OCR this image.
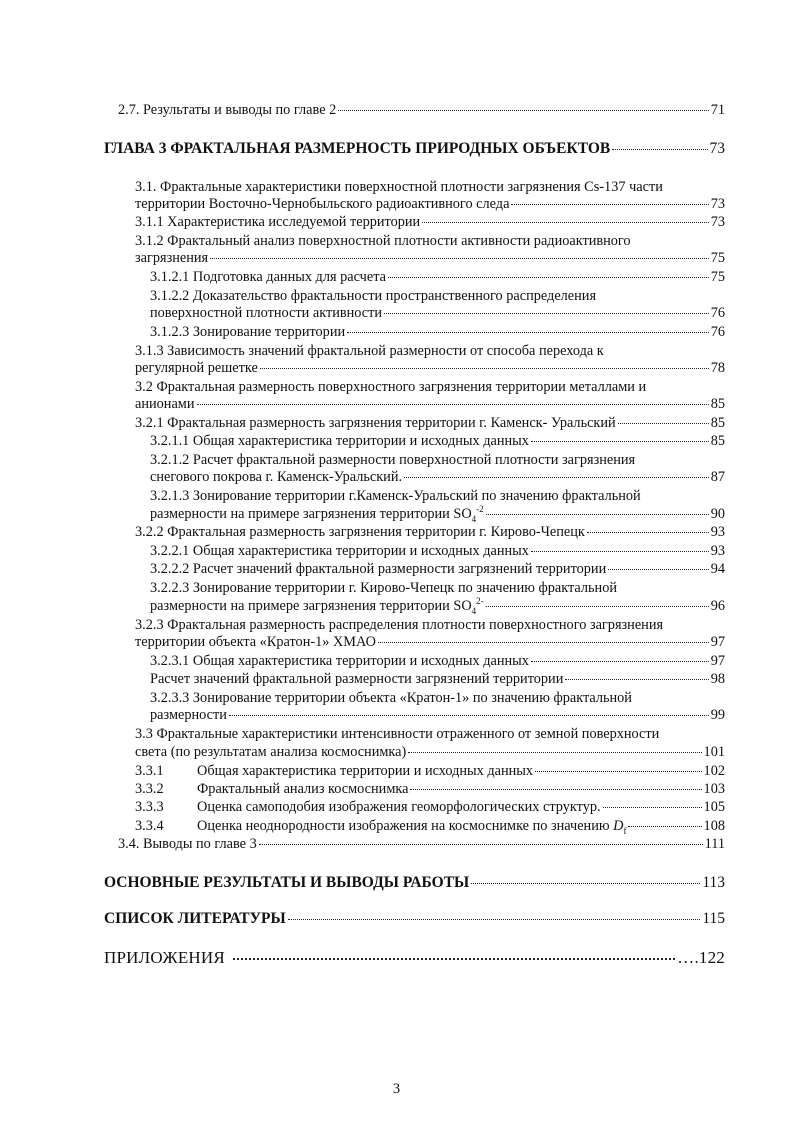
2.7. Результаты и выводы по главе 2	71
ГЛАВА 3 ФРАКТАЛЬНАЯ РАЗМЕРНОСТЬ ПРИРОДНЫХ ОБЪЕКТОВ	73
3.1. Фрактальные характеристики поверхностной плотности загрязнения Cs-137 части
территории Восточно-Чернобыльского радиоактивного следа	73
3.1.1 Характеристика исследуемой территории	73
3.1.2 Фрактальный анализ поверхностной плотности активности радиоактивного
загрязнения	75
3.1.2.1 Подготовка данных для расчета	75
3.1.2.2 Доказательство фрактальности пространственного распределения
поверхностной плотности активности	76
3.1.2.3 Зонирование территории	76
3.1.3 Зависимость значений фрактальной размерности от способа перехода к
регулярной решетке	78
3.2 Фрактальная размерность поверхностного загрязнения территории металлами и
анионами	85
3.2.1 Фрактальная размерность загрязнения территории г. Каменск- Уральский	85
3.2.1.1 Общая характеристика территории и исходных данных	85
3.2.1.2 Расчет фрактальной размерности поверхностной плотности загрязнения
снегового покрова г. Каменск-Уральский.	87
3.2.1.3 Зонирование территории г.Каменск-Уральский по значению фрактальной
размерности на примере загрязнения территории $SO_4^{-2}$	90
3.2.2 Фрактальная размерность загрязнения территории г. Кирово-Чепецк	93
3.2.2.1 Общая характеристика территории и исходных данных	93
3.2.2.2 Расчет значений фрактальной размерности загрязнений территории	94
3.2.2.3 Зонирование территории г. Кирово-Чепецк по значению фрактальной
размерности на примере загрязнения территории $SO_4^{2-}$	96
3.2.3 Фрактальная размерность распределения плотности поверхностного загрязнения
территории объекта «Кратон-1» ХМАО	97
3.2.3.1 Общая характеристика территории и исходных данных	97
Расчет значений фрактальной размерности загрязнений территории	98
3.2.3.3 Зонирование территории объекта «Кратон-1» по значению фрактальной
размерности	99
3.3 Фрактальные характеристики интенсивности отраженного от земной поверхности
света (по результатам анализа космоснимка)	101
3.3.1	Общая характеристика территории и исходных данных	102
3.3.2	Фрактальный анализ космоснимка	103
3.3.3	Оценка самоподобия изображения геоморфологических структур.	105
3.3.4	Оценка неоднородности изображения на космоснимке по значению $D_f$	108
3.4. Выводы по главе 3	111
ОСНОВНЫЕ РЕЗУЛЬТАТЫ И ВЫВОДЫ РАБОТЫ	113
СПИСОК ЛИТЕРАТУРЫ	115
ПРИЛОЖЕНИЯ	….122
3
